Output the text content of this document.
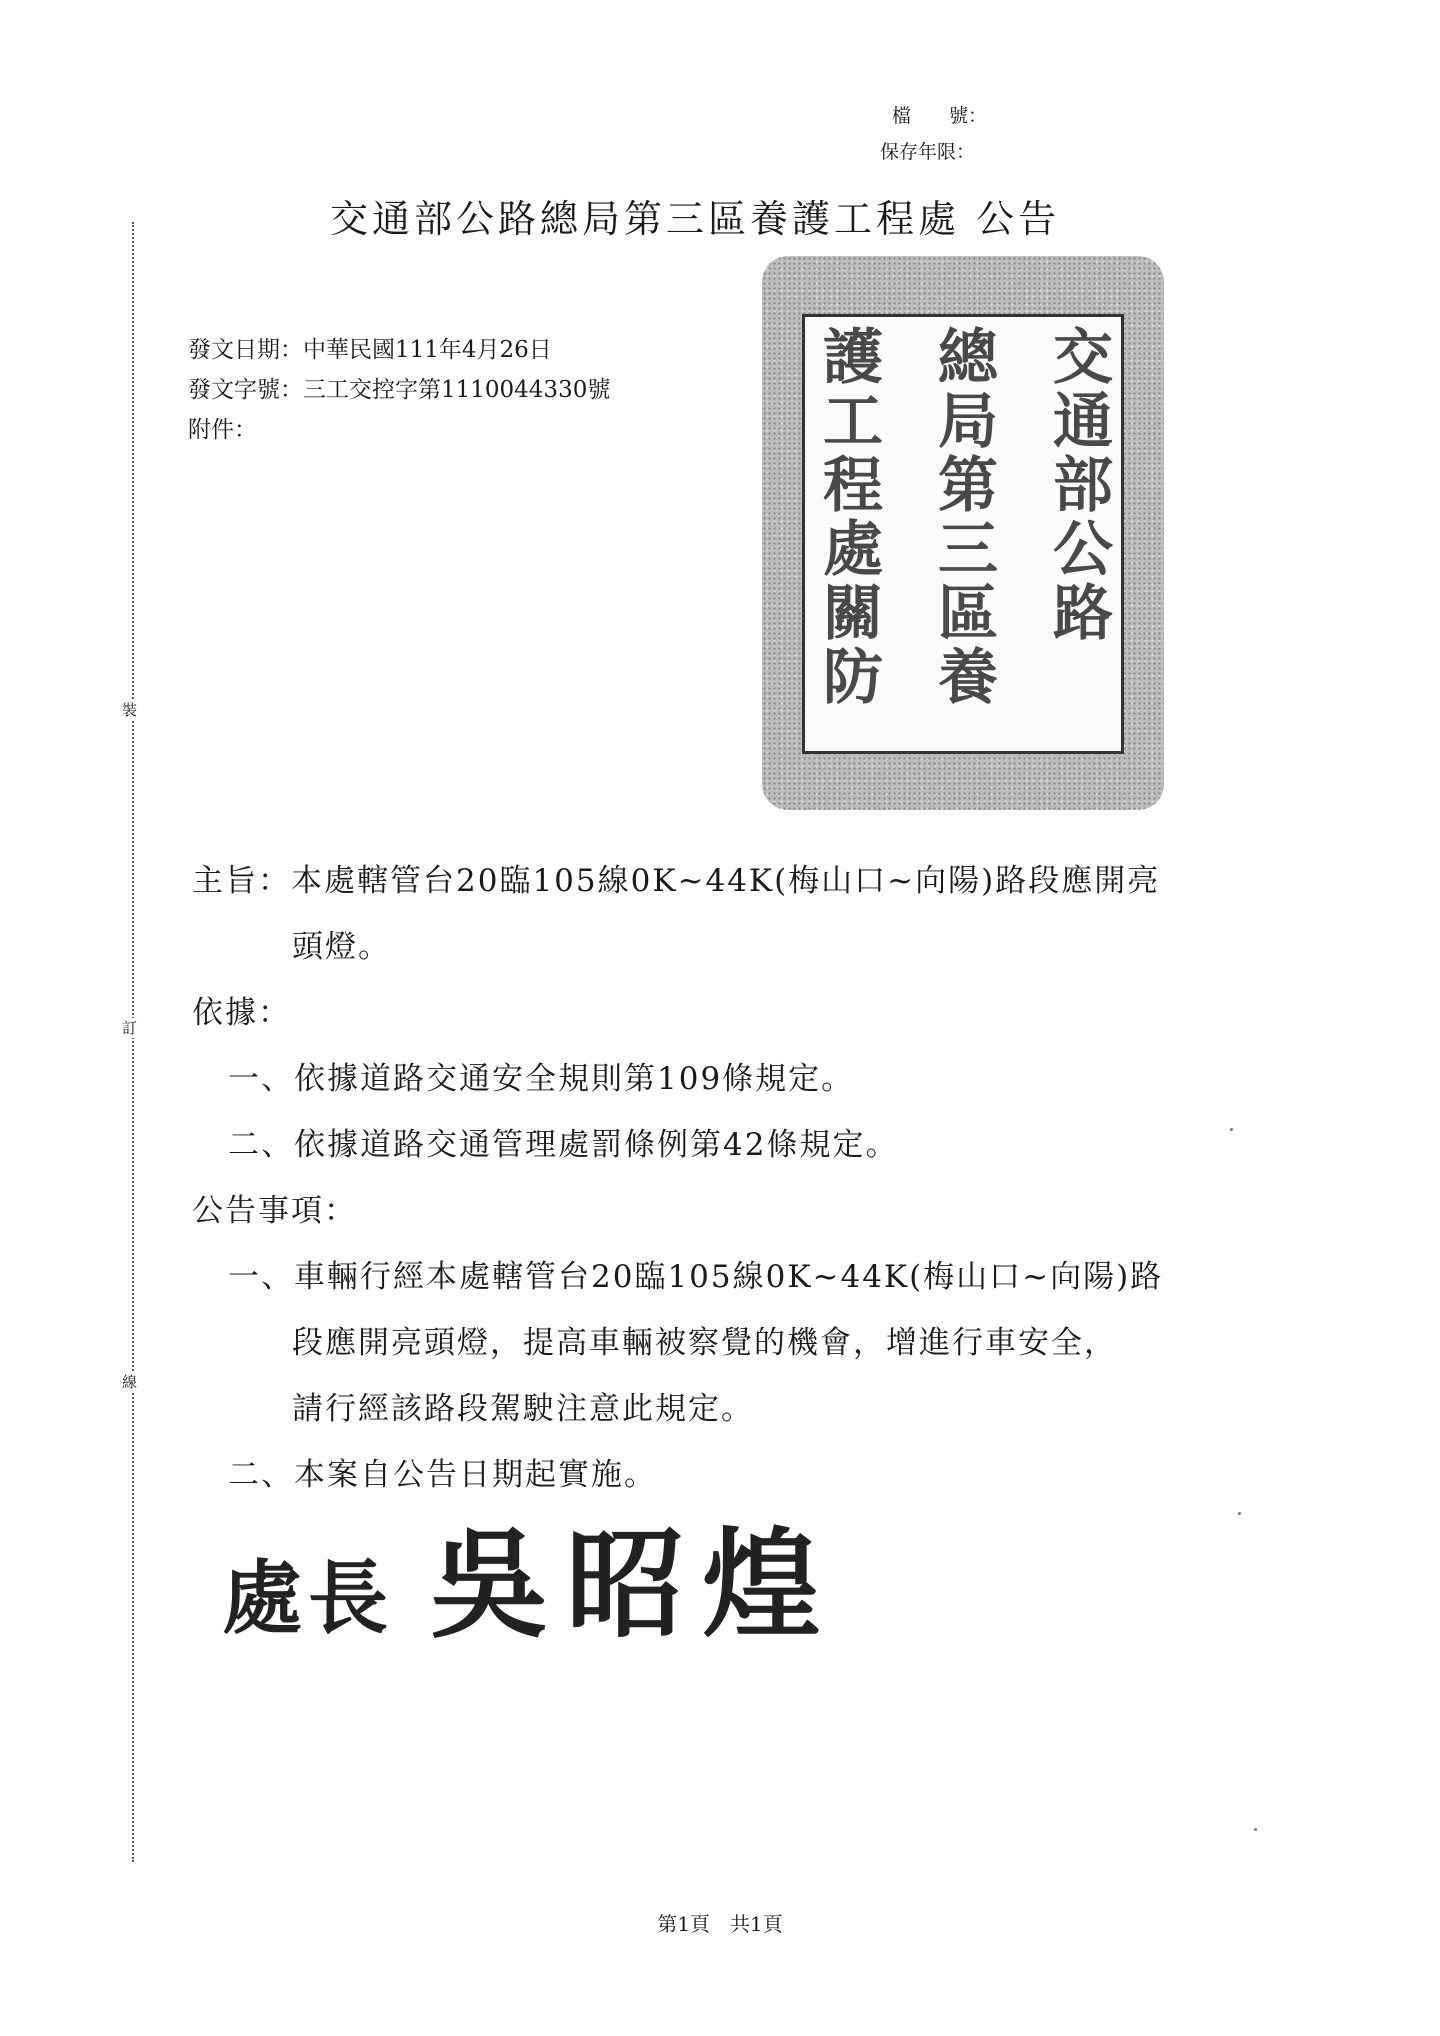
檔　　號：
保存年限：
交通部公路總局第三區養護工程處 公告
裝
訂
線
發文日期：中華民國111年4月26日
發文字號：三工交控字第1110044330號
附件：	交通部公路
總局第三區養
護工程處關防
主旨：本處轄管台20臨105線0K~44K(梅山口~向陽)路段應開亮
頭燈。
依據：
一、依據道路交通安全規則第109條規定。
二、依據道路交通管理處罰條例第42條規定。
公告事項：
一、車輛行經本處轄管台20臨105線0K~44K(梅山口~向陽)路
段應開亮頭燈，提高車輛被察覺的機會，增進行車安全，
請行經該路段駕駛注意此規定。
二、本案自公告日期起實施。
處長 吳昭煌
第1頁 共1頁
